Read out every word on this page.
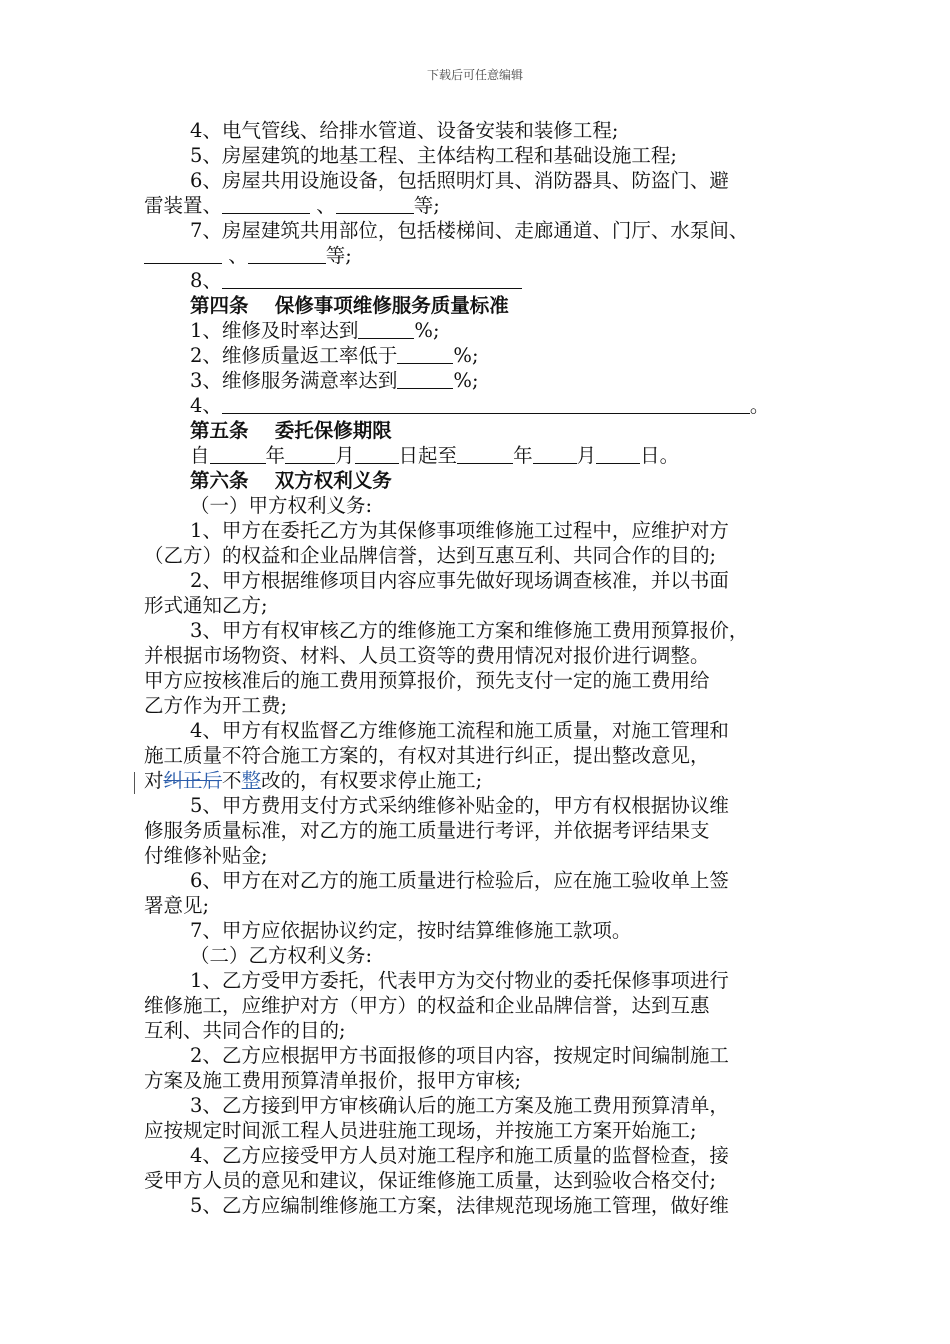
下载后可任意编辑

4、电气管线、给排水管道、设备安装和装修工程;

5、房屋建筑的地基工程、主体结构工程和基础设施工程;

6、房屋共用设施设备，包括照明灯具、消防器具、防盗门、避

雷装置、	、	等;

7、房屋建筑共用部位，包括楼梯间、走廊通道、门厅、水泵间、

、	等;

8、

第四条　 保修事项维修服务质量标准

1、维修及时率达到	%;

2、维修质量返工率低于	%;

3、维修服务满意率达到	%;

4、	。

第五条　 委托保修期限

自	年	月 日起至	年 月 日。

第六条　 双方权利义务

（一）甲方权利义务:

1、甲方在委托乙方为其保修事项维修施工过程中，应维护对方

（乙方）的权益和企业品牌信誉，达到互惠互利、共同合作的目的;

2、甲方根据维修项目内容应事先做好现场调查核准，并以书面

形式通知乙方;

3、甲方有权审核乙方的维修施工方案和维修施工费用预算报价，

并根据市场物资、材料、人员工资等的费用情况对报价进行调整。

甲方应按核准后的施工费用预算报价，预先支付一定的施工费用给

乙方作为开工费;

4、甲方有权监督乙方维修施工流程和施工质量，对施工管理和

施工质量不符合施工方案的，有权对其进行纠正，提出整改意见，

对纠正后不整改的，有权要求停止施工;

5、甲方费用支付方式采纳维修补贴金的，甲方有权根据协议维

修服务质量标准，对乙方的施工质量进行考评，并依据考评结果支

付维修补贴金;

6、甲方在对乙方的施工质量进行检验后，应在施工验收单上签

署意见;

7、甲方应依据协议约定，按时结算维修施工款项。

（二）乙方权利义务:

1、乙方受甲方委托，代表甲方为交付物业的委托保修事项进行

维修施工，应维护对方（甲方）的权益和企业品牌信誉，达到互惠

互利、共同合作的目的;

2、乙方应根据甲方书面报修的项目内容，按规定时间编制施工

方案及施工费用预算清单报价，报甲方审核;

3、乙方接到甲方审核确认后的施工方案及施工费用预算清单，

应按规定时间派工程人员进驻施工现场，并按施工方案开始施工;

4、乙方应接受甲方人员对施工程序和施工质量的监督检查，接

受甲方人员的意见和建议，保证维修施工质量，达到验收合格交付;

5、乙方应编制维修施工方案，法律规范现场施工管理，做好维
